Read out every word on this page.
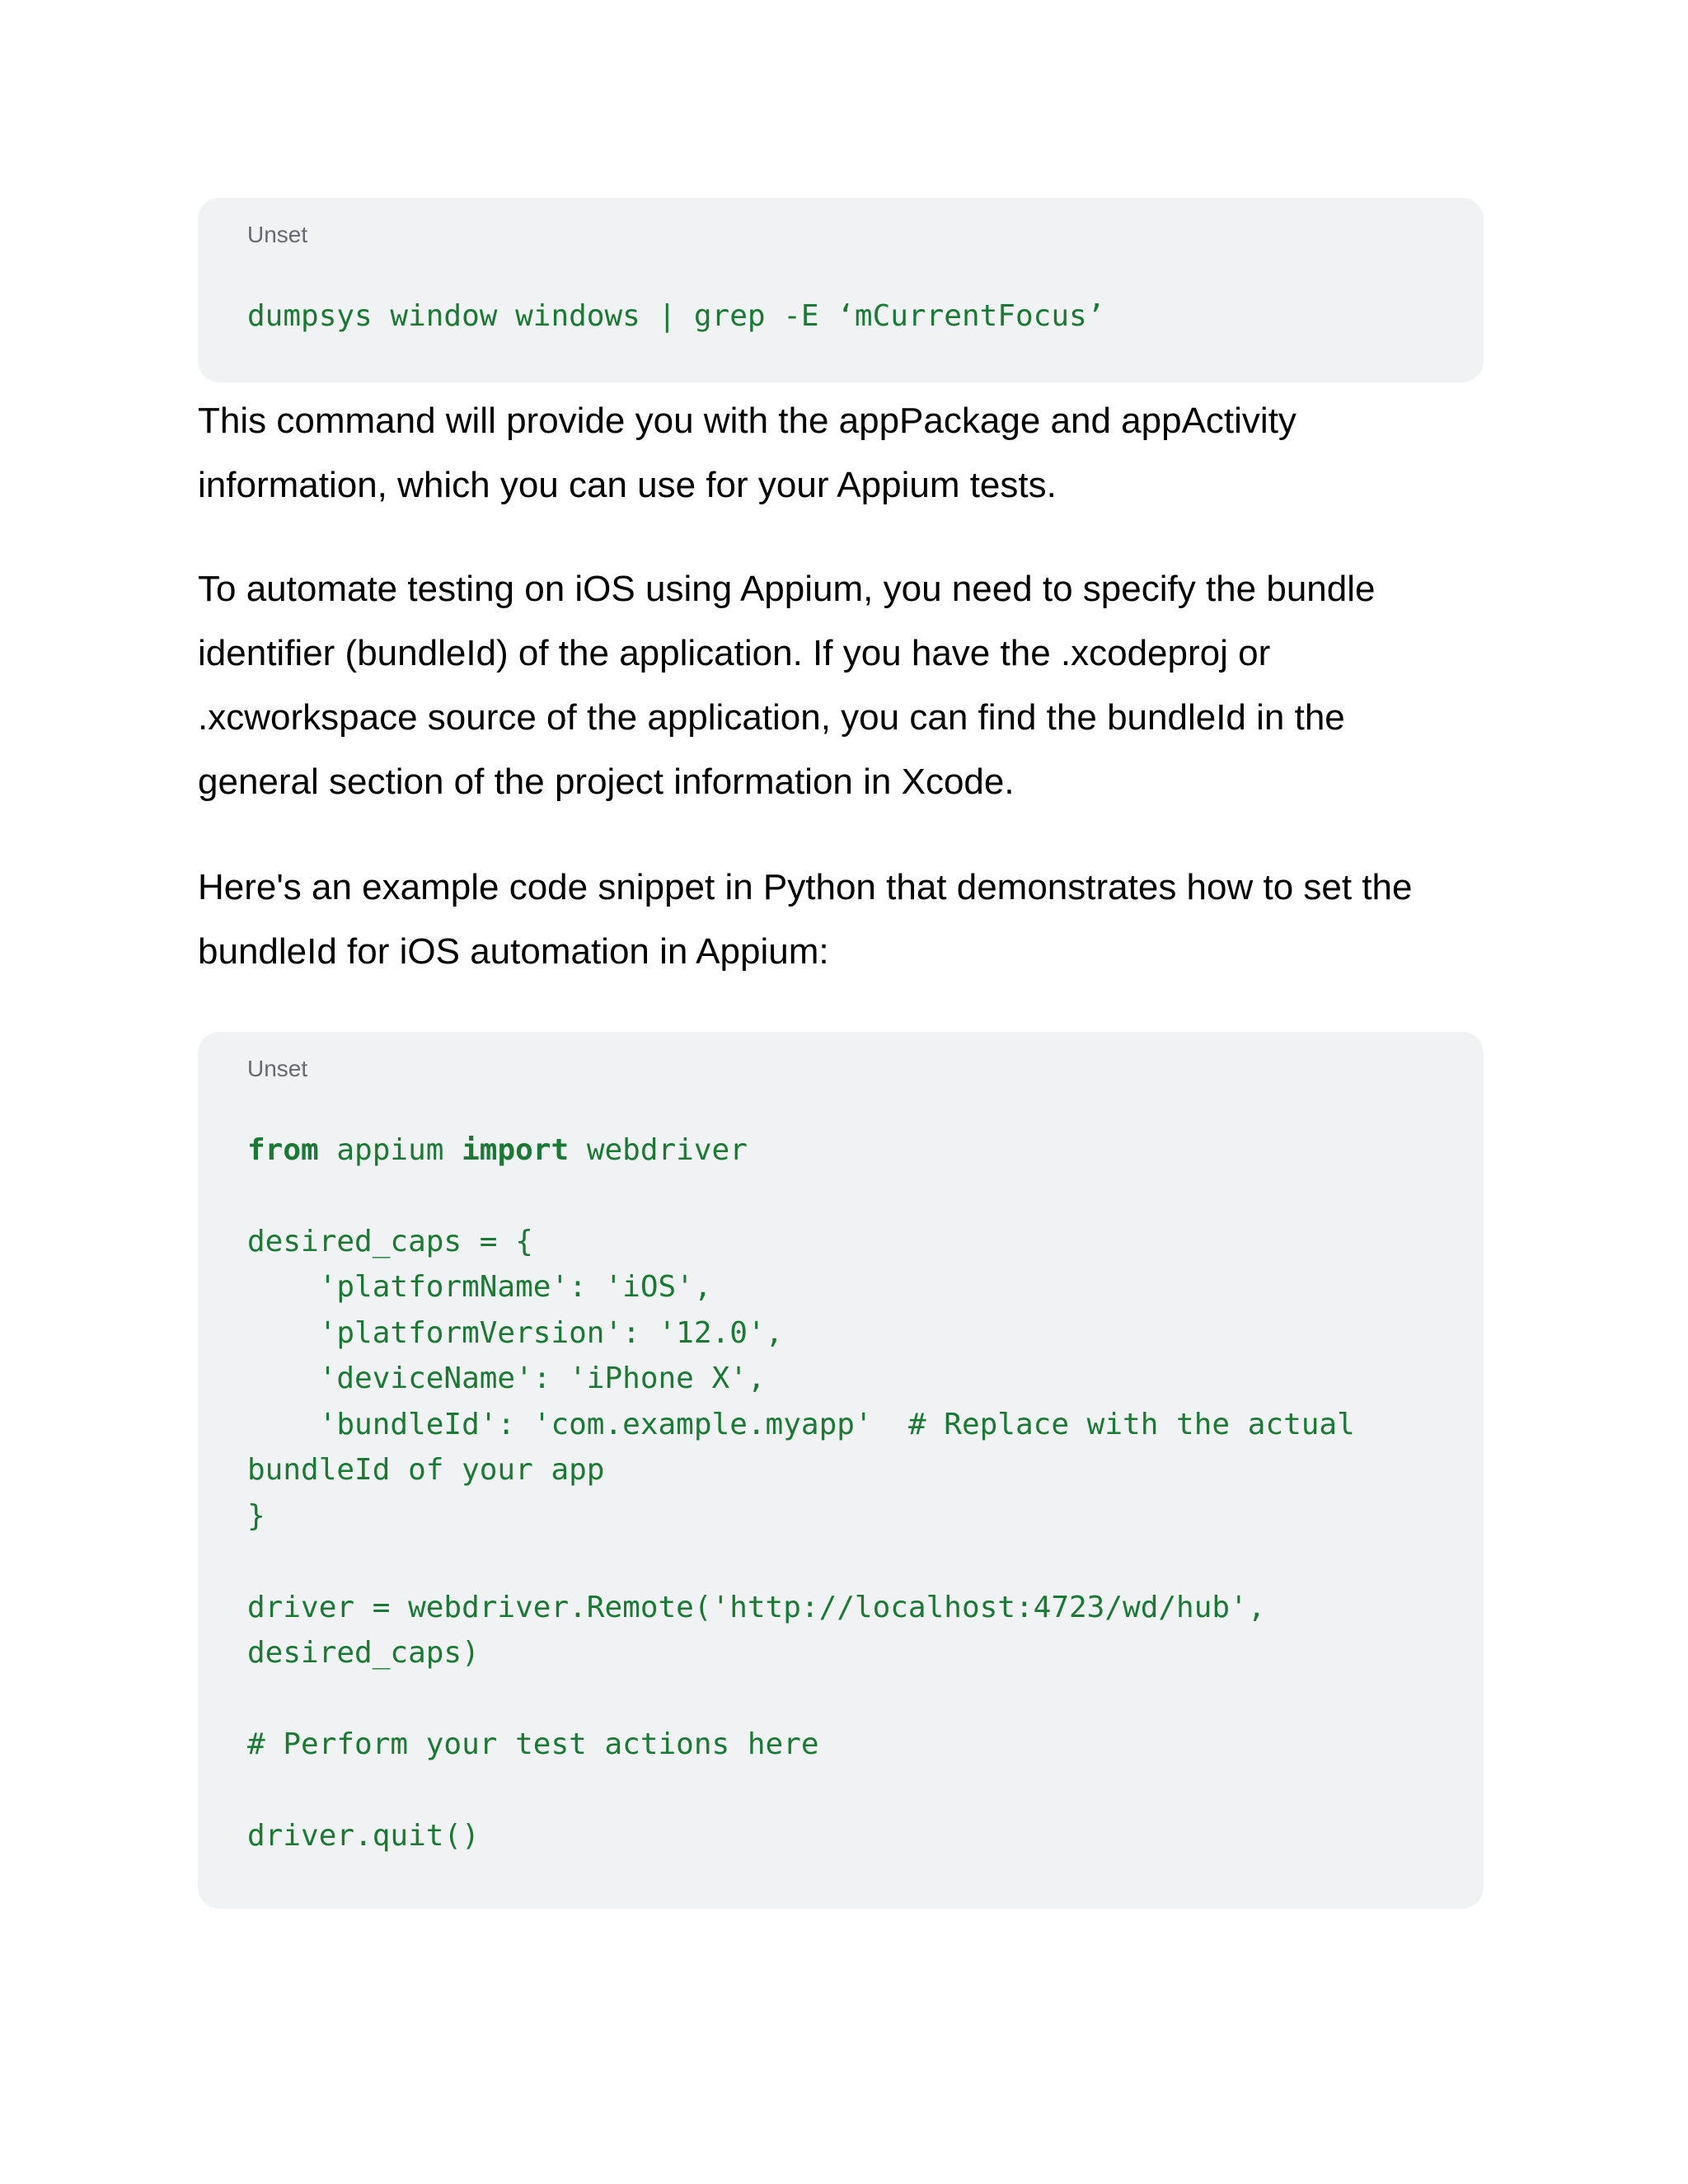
Unset
dumpsys window windows | grep -E ‘mCurrentFocus’

This command will provide you with the appPackage and appActivity
information, which you can use for your Appium tests.

To automate testing on iOS using Appium, you need to specify the bundle
identifier (bundleId) of the application. If you have the .xcodeproj or
.xcworkspace source of the application, you can find the bundleId in the
general section of the project information in Xcode.

Here's an example code snippet in Python that demonstrates how to set the
bundleId for iOS automation in Appium:

Unset
from appium import webdriver

desired_caps = {
'platformName': 'iOS',
'platformVersion': '12.0',
'deviceName': 'iPhone X',
'bundleId': 'com.example.myapp'  # Replace with the actual
bundleId of your app
}

driver = webdriver.Remote('http://localhost:4723/wd/hub',
desired_caps)

# Perform your test actions here

driver.quit()
